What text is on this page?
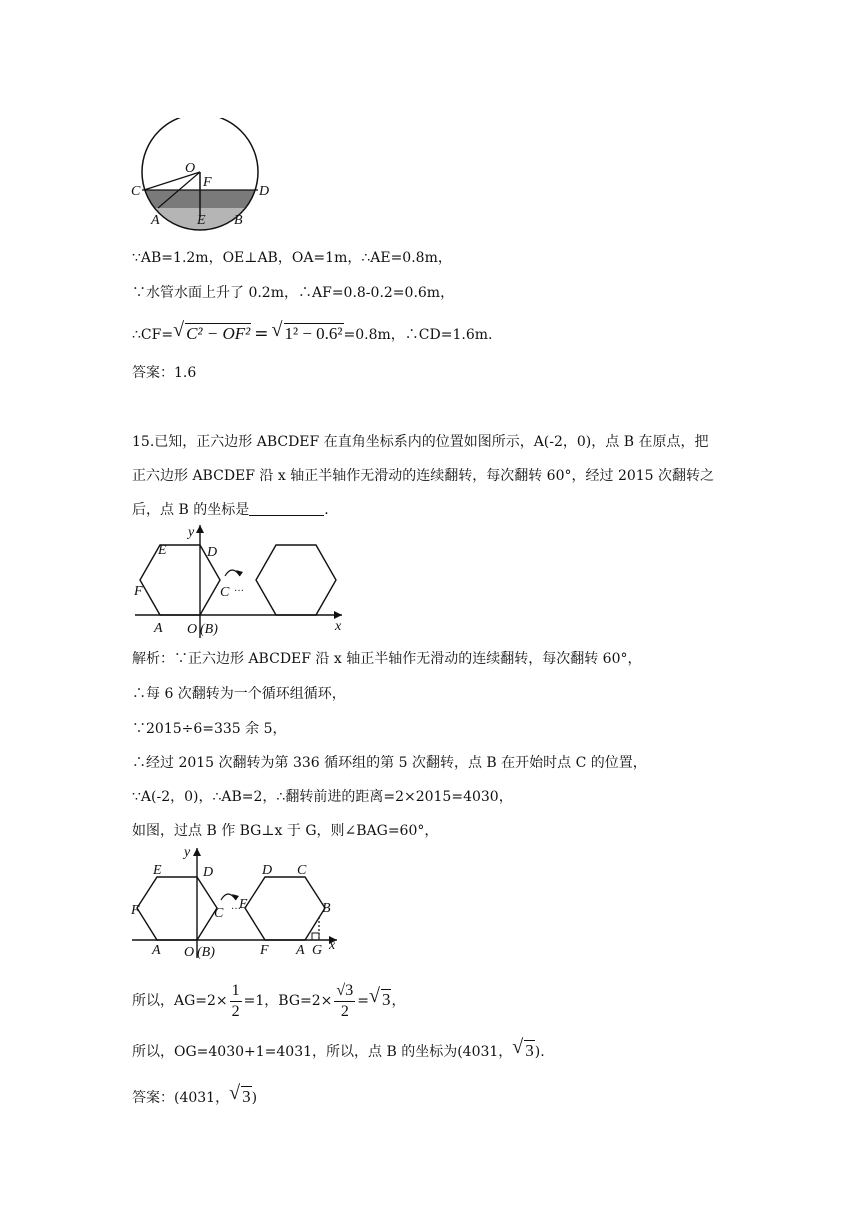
O
F
C	D
A	E B
∵AB=1.2m，OE⊥AB，OA=1m，∴AE=0.8m，
∵水管水面上升了 0.2m，∴AF=0.8-0.2=0.6m，
∴CF= √ C² − OF² = √ 1² − 0.6²=0.8m，∴CD=1.6m.
答案：1.6
15.已知，正六边形 ABCDEF 在直角坐标系内的位置如图所示，A(-2，0)，点 B 在原点，把
正六边形 ABCDEF 沿 x 轴正半轴作无滑动的连续翻转，每次翻转 60°，经过 2015 次翻转之
后，点 B 的坐标是	.
y
x
E	D
F	C ···
A O (B)
解析：∵正六边形 ABCDEF 沿 x 轴正半轴作无滑动的连续翻转，每次翻转 60°，
∴每 6 次翻转为一个循环组循环，
∵2015÷6=335 余 5，
∴经过 2015 次翻转为第 336 循环组的第 5 次翻转，点 B 在开始时点 C 的位置，
∵A(-2，0)，∴AB=2，∴翻转前进的距离=2×2015=4030，
如图，过点 B 作 BG⊥x 于 G，则∠BAG=60°，
y
x
E	D
F	C ···
E
D C
B
A O (B)	F A G
所以，$AG=2\times \frac{1}{2} =1$，$BG=2\times \frac{√3}{2}$ = √ 3，
所以，OG=4030+1=4031，所以，点 B 的坐标为(4031， √ 3).
答案：(4031， √ 3)
